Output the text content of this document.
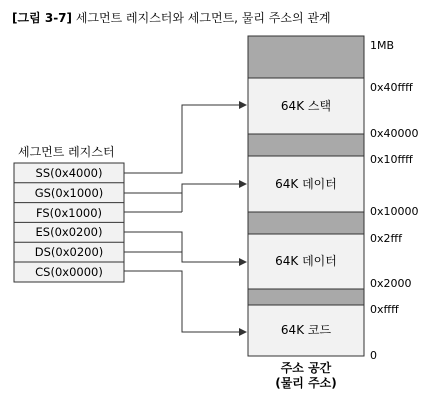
[그림 3-7] 세그먼트 레지스터와 세그먼트, 물리 주소의 관계
세그먼트 레지스터
SS(0x4000)
GS(0x1000)
FS(0x1000)
ES(0x0200)
DS(0x0200)
CS(0x0000)
64K 스택
64K 데이터
64K 데이터
64K 코드
1MB
0x40ffff
0x40000
0x10ffff
0x10000
0x2fff
0x2000
0xffff
0
주소 공간
(물리 주소)
